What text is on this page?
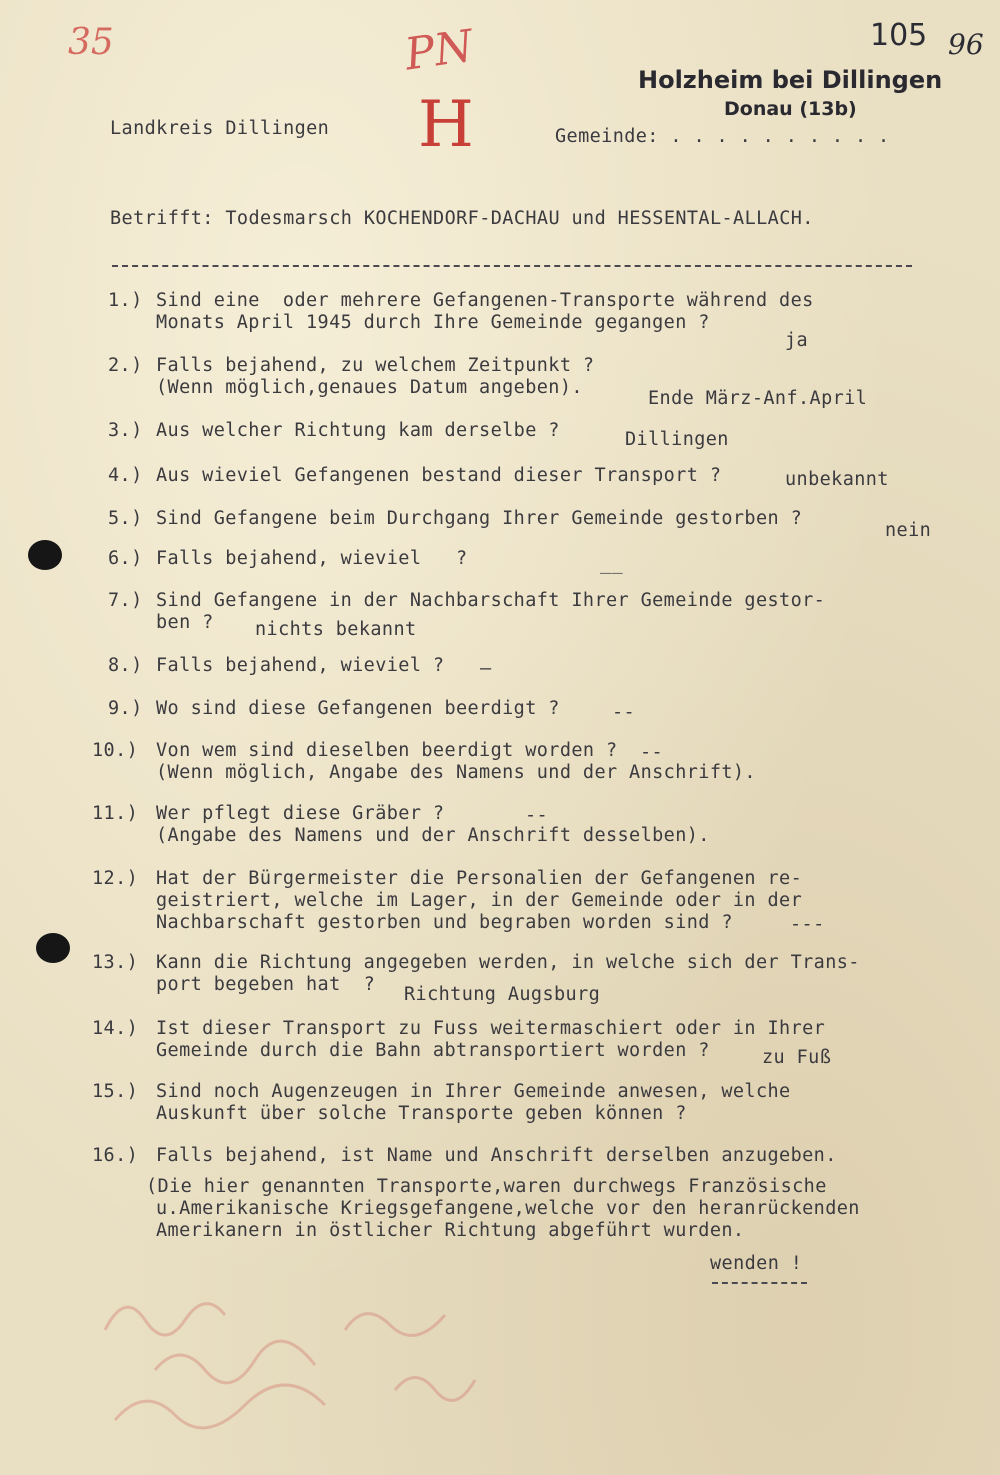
35	105 96
PN
H
Holzheim bei Dillingen
Donau (13b)
Landkreis Dillingen	Gemeinde: . . . . . . . . . .
Betrifft: Todesmarsch KOCHENDORF-DACHAU und HESSENTAL-ALLACH.
1.) Sind eine  oder mehrere Gefangenen-Transporte während des
Monats April 1945 durch Ihre Gemeinde gegangen ?
ja
2.) Falls bejahend, zu welchem Zeitpunkt ?
(Wenn möglich,genaues Datum angeben).
Ende März-Anf.April
3.) Aus welcher Richtung kam derselbe ?	Dillingen
4.) Aus wieviel Gefangenen bestand dieser Transport ?	unbekannt
5.) Sind Gefangene beim Durchgang Ihrer Gemeinde gestorben ?
nein
6.) Falls bejahend, wieviel   ?	__
7.) Sind Gefangene in der Nachbarschaft Ihrer Gemeinde gestor-
ben ? nichts bekannt
8.) Falls bejahend, wieviel ? —
9.) Wo sind diese Gefangenen beerdigt ?	--
10.) Von wem sind dieselben beerdigt worden ?
(Wenn möglich, Angabe des Namens und der Anschrift).
--
11.) Wer pflegt diese Gräber ?
(Angabe des Namens und der Anschrift desselben).
--
12.) Hat der Bürgermeister die Personalien der Gefangenen re-
geistriert, welche im Lager, in der Gemeinde oder in der
Nachbarschaft gestorben und begraben worden sind ?	---
13.) Kann die Richtung angegeben werden, in welche sich der Trans-
port begeben hat  ? Richtung Augsburg
14.) Ist dieser Transport zu Fuss weitermaschiert oder in Ihrer
Gemeinde durch die Bahn abtransportiert worden ?	zu Fuß
15.) Sind noch Augenzeugen in Ihrer Gemeinde anwesen, welche
Auskunft über solche Transporte geben können ?
16.) Falls bejahend, ist Name und Anschrift derselben anzugeben.
(Die hier genannten Transporte,waren durchwegs Französische
u.Amerikanische Kriegsgefangene,welche vor den heranrückenden
Amerikanern in östlicher Richtung abgeführt wurden.
wenden !
